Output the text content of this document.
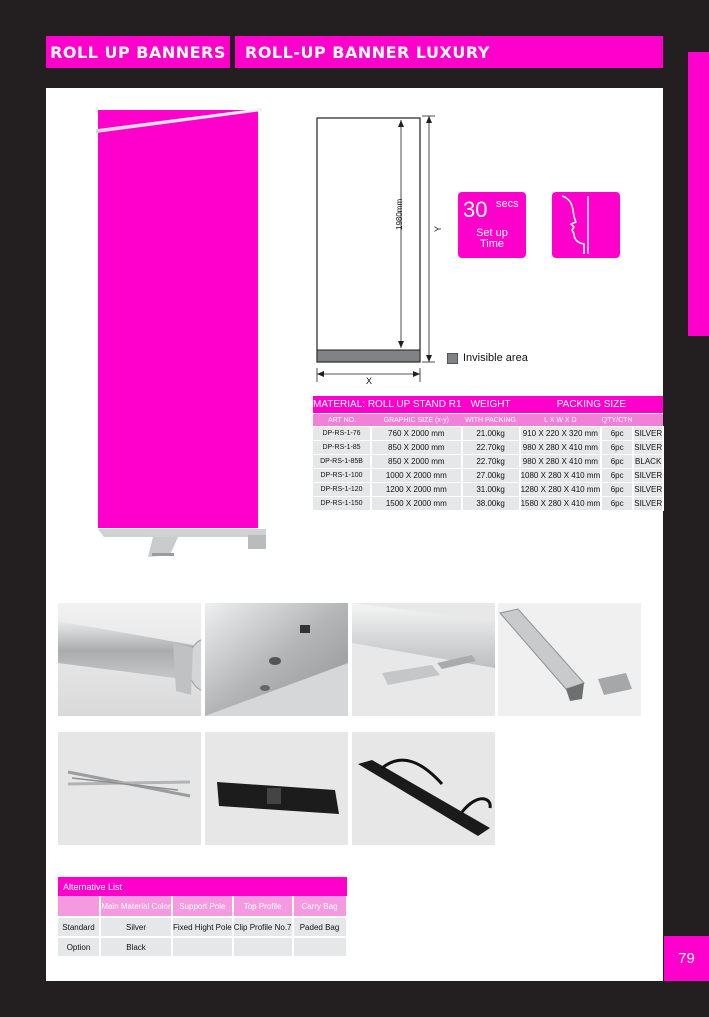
ROLL UP BANNERS	ROLL-UP BANNER LUXURY
ROLL-UP BANNER LUXURY	1980mm	Y
X
Invisible area
30 secs
Set up
Time
MATERIAL: ROLL UP STAND R1		WEIGHT	PACKING SIZE		
ART NO.	GRAPHIC SIZE (x-y)	WITH PACKING	L X W X D	QTY/CTN	
DP-RS-1-76	760 X 2000 mm	21.00kg	910 X 220 X 320 mm	6pc	SILVER
DP-RS-1-85	850 X 2000 mm	22.70kg	980 X 280 X 410 mm	6pc	SILVER
DP-RS-1-85B	850 X 2000 mm	22.70kg	980 X 280 X 410 mm	6pc	BLACK
DP-RS-1-100	1000 X 2000 mm	27.00kg	1080 X 280 X 410 mm	6pc	SILVER
DP-RS-1-120	1200 X 2000 mm	31.00kg	1280 X 280 X 410 mm	6pc	SILVER
DP-RS-1-150	1500 X 2000 mm	38.00kg	1580 X 280 X 410 mm	6pc	SILVER
Alternative List				
	Main Material Color	Support Pole	Top Profile	Carry Bag
Standard	Silver	Fixed Hight Pole	Clip Profile No.7	Paded Bag
Option	Black			
79
